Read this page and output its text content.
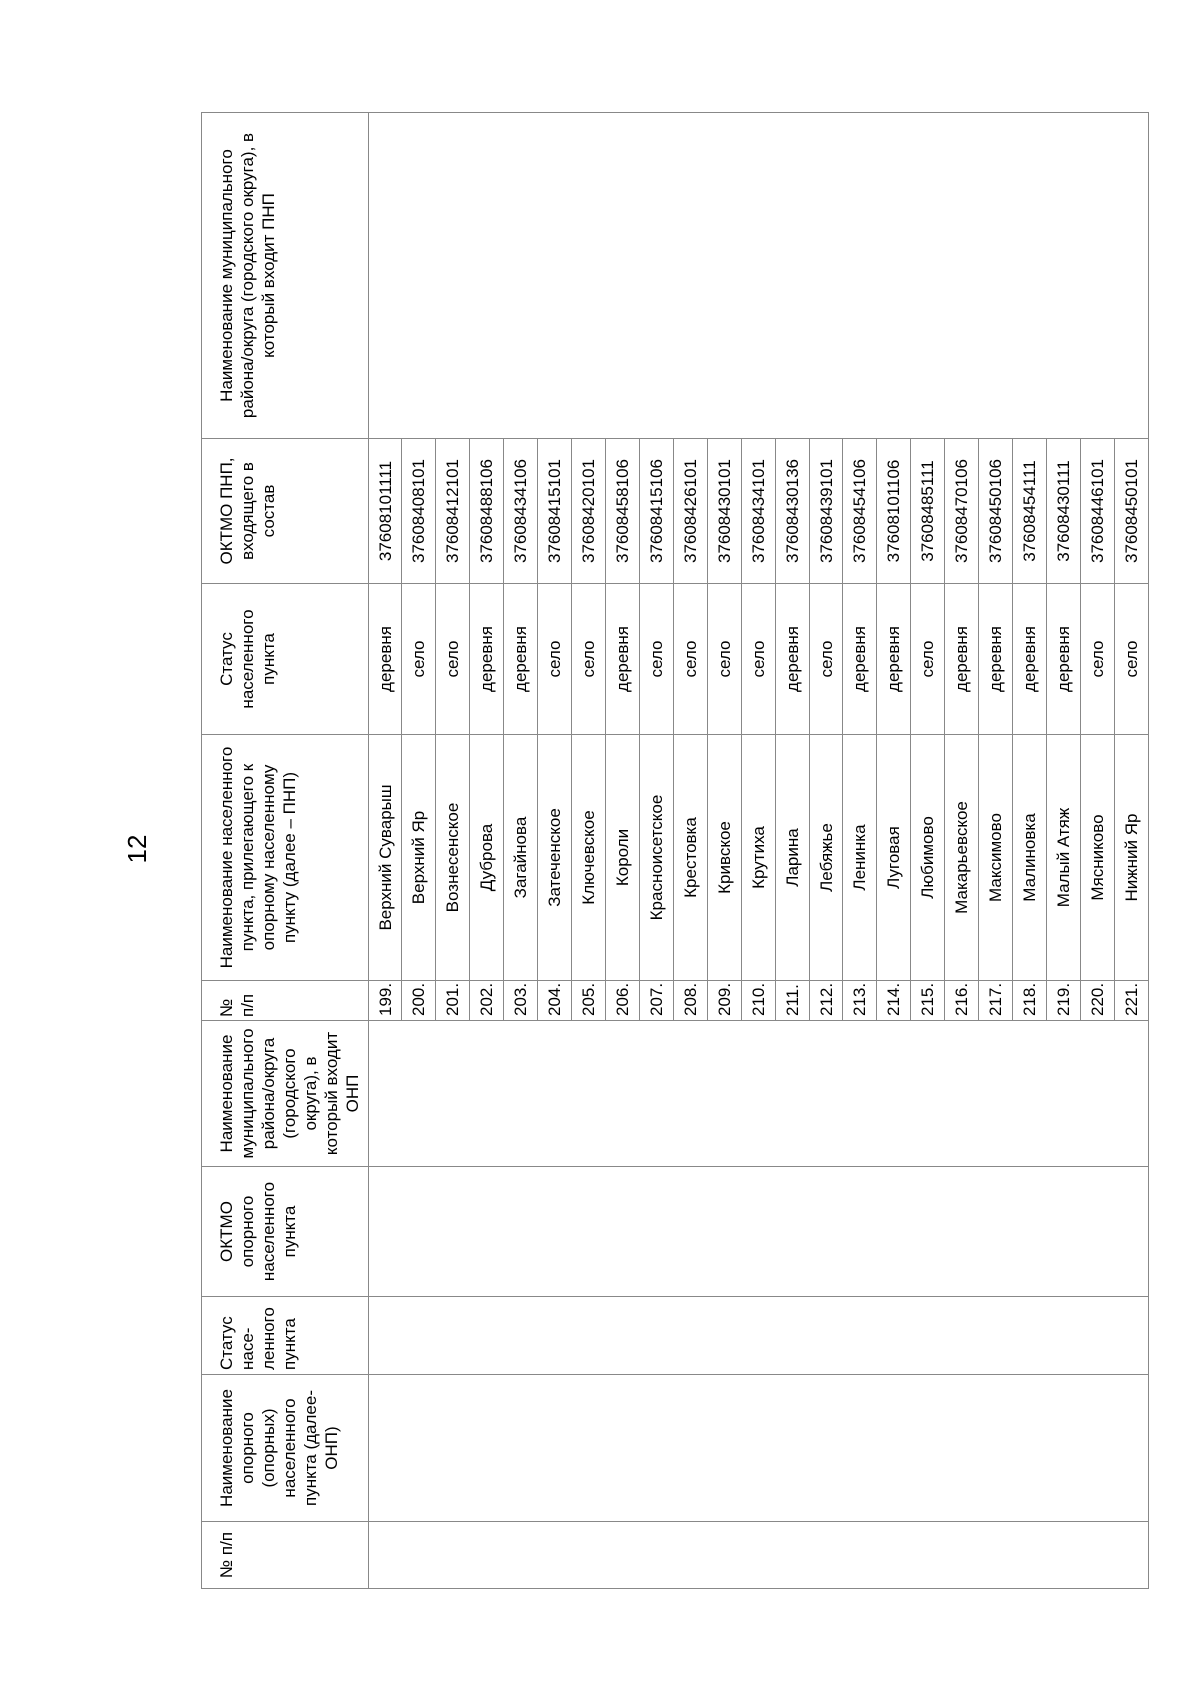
12
№ п/п	Наименование опорного (опорных) населенного пункта (далее- ОНП)	Статус насе-ленного пункта	ОКТМО опорного населенного пункта	Наименование муниципального района/округа (городского округа), в который входит ОНП	№ п/п	Наименование населенного пункта, прилегающего к опорному населенному пункту (далее – ПНП)	Статус населенного пункта	ОКТМО ПНП, входящего в состав	Наименование муниципального района/округа (городского округа), в который входит ПНП
					199.	Верхний Суварыш	деревня	37608101111	
					200.	Верхний Яр	село	37608408101	
					201.	Вознесенское	село	37608412101	
					202.	Дуброва	деревня	37608488106	
					203.	Загайнова	деревня	37608434106	
					204.	Затеченское	село	37608415101	
					205.	Ключевское	село	37608420101	
					206.	Короли	деревня	37608458106	
					207.	Красноисетское	село	37608415106	
					208.	Крестовка	село	37608426101	
					209.	Кривское	село	37608430101	
					210.	Крутиха	село	37608434101	
					211.	Ларина	деревня	37608430136	
					212.	Лебяжье	село	37608439101	
					213.	Ленинка	деревня	37608454106	
					214.	Луговая	деревня	37608101106	
					215.	Любимово	село	37608485111	
					216.	Макарьевское	деревня	37608470106	
					217.	Максимово	деревня	37608450106	
					218.	Малиновка	деревня	37608454111	
					219.	Малый Атяж	деревня	37608430111	
					220.	Мясниково	село	37608446101	
					221.	Нижний Яр	село	37608450101	
